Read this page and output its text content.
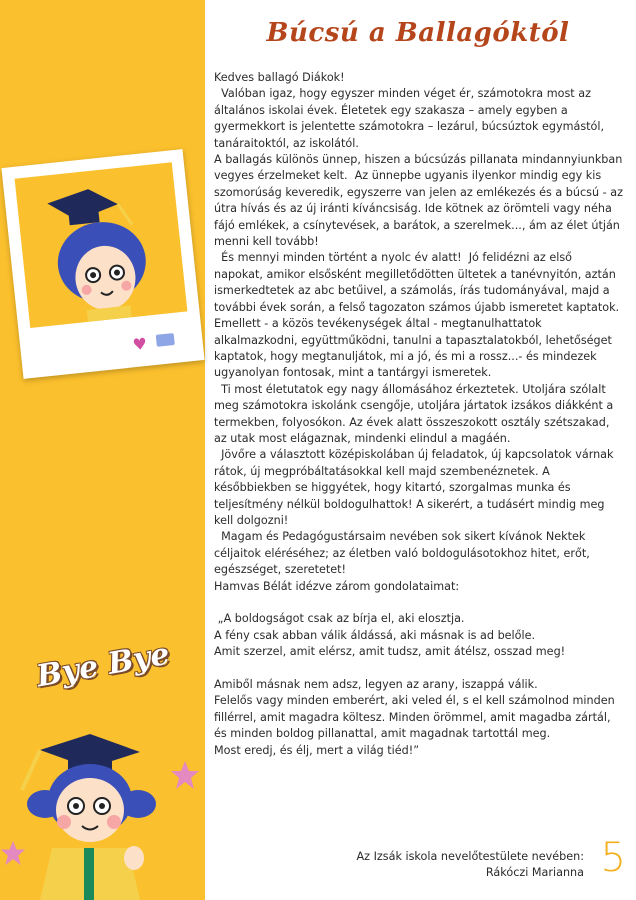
♥
Bye Bye
Búcsú a Ballagóktól

Kedves ballagó Diákok!

Valóban igaz, hogy egyszer minden véget ér, számotokra most az általános iskolai évek. Életetek egy szakasza – amely egyben a gyermekkort is jelentette számotokra – lezárul, búcsúztok egymástól, tanáraitoktól, az iskolától.

A ballagás különös ünnep, hiszen a búcsúzás pillanata mindannyiunkban vegyes érzelmeket kelt.  Az ünnepbe ugyanis ilyenkor mindig egy kis szomorúság keveredik, egyszerre van jelen az emlékezés és a búcsú - az útra hívás és az új iránti kíváncsiság. Ide kötnek az örömteli vagy néha fájó emlékek, a csínytevések, a barátok, a szerelmek..., ám az élet útján menni kell tovább!

És mennyi minden történt a nyolc év alatt!  Jó felidézni az első napokat, amikor elsősként megilletődötten ültetek a tanévnyitón, aztán ismerkedtetek az abc betűivel, a számolás, írás tudományával, majd a további évek során, a felső tagozaton számos újabb ismeretet kaptatok. Emellett - a közös tevékenységek által - megtanulhattatok alkalmazkodni, együttműködni, tanulni a tapasztalatokból, lehetőséget kaptatok, hogy megtanuljátok, mi a jó, és mi a rossz...- és mindezek ugyanolyan fontosak, mint a tantárgyi ismeretek.

Ti most életutatok egy nagy állomásához érkeztetek. Utoljára szólalt meg számotokra iskolánk csengője, utoljára jártatok izsákos diákként a termekben, folyosókon. Az évek alatt összeszokott osztály szétszakad, az utak most elágaznak, mindenki elindul a magáén.

Jövőre a választott középiskolában új feladatok, új kapcsolatok várnak rátok, új megpróbáltatásokkal kell majd szembenéznetek. A későbbiekben se higgyétek, hogy kitartó, szorgalmas munka és teljesítmény nélkül boldogulhattok! A sikerért, a tudásért mindig meg kell dolgozni!

Magam és Pedagógustársaim nevében sok sikert kívánok Nektek céljaitok eléréséhez; az életben való boldogulásotokhoz hitet, erőt, egészséget, szeretetet!

Hamvas Bélát idézve zárom gondolataimat:

„A boldogságot csak az bírja el, aki elosztja.
A fény csak abban válik áldássá, aki másnak is ad belőle.
Amit szerzel, amit elérsz, amit tudsz, amit átélsz, osszad meg!

Amiből másnak nem adsz, legyen az arany, iszappá válik.
Felelős vagy minden emberért, aki veled él, s el kell számolnod minden fillérrel, amit magadra költesz. Minden örömmel, amit magadba zártál, és minden boldog pillanattal, amit magadnak tartottál meg.
Most eredj, és élj, mert a világ tiéd!”

Az Izsák iskola nevelőtestülete nevében:
Rákóczi Marianna 5
